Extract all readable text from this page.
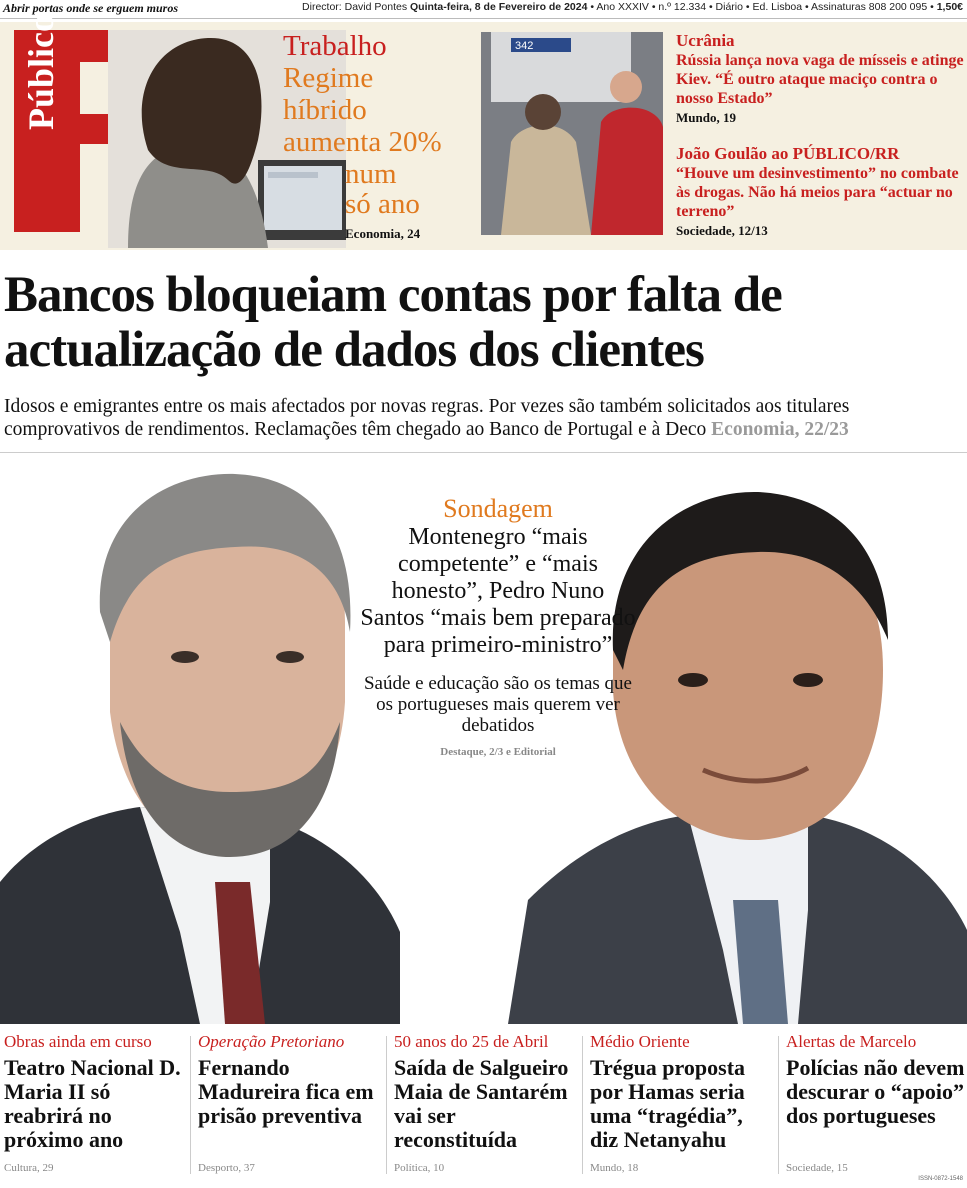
Abrir portas onde se erguem muros	Director: David Pontes Quinta-feira, 8 de Fevereiro de 2024 • Ano XXXIV • n.º 12.334 • Diário • Ed. Lisboa • Assinaturas 808 200 095 • 1,50€
Público	Trabalho
Regime
híbrido
aumenta 20%
num
só ano
Economia, 24
342	Ucrânia
Rússia lança nova vaga de mísseis e atinge Kiev. “É outro ataque maciço contra o nosso Estado”
Mundo, 19
João Goulão ao PÚBLICO/RR
“Houve um desinvestimento” no combate às drogas. Não há meios para “actuar no terreno”
Sociedade, 12/13
Bancos bloqueiam contas por falta de actualização de dados dos clientes
Idosos e emigrantes entre os mais afectados por novas regras. Por vezes são também solicitados aos titulares comprovativos de rendimentos. Reclamações têm chegado ao Banco de Portugal e à Deco Economia, 22/23
Sondagem
Montenegro “mais competente” e “mais honesto”, Pedro Nuno Santos “mais bem preparado para primeiro-ministro”
Saúde e educação são os temas que os portugueses mais querem ver debatidos
Destaque, 2/3 e Editorial
Obras ainda em curso
Teatro Nacional D. Maria II só reabrirá no próximo ano
Cultura, 29
Operação Pretoriano
Fernando Madureira fica em prisão preventiva
Desporto, 37
50 anos do 25 de Abril
Saída de Salgueiro Maia de Santarém vai ser reconstituída
Política, 10
Médio Oriente
Trégua proposta por Hamas seria uma “tragédia”, diz Netanyahu
Mundo, 18
Alertas de Marcelo
Polícias não devem descurar o “apoio” dos portugueses
Sociedade, 15
ISSN-0872-1548
